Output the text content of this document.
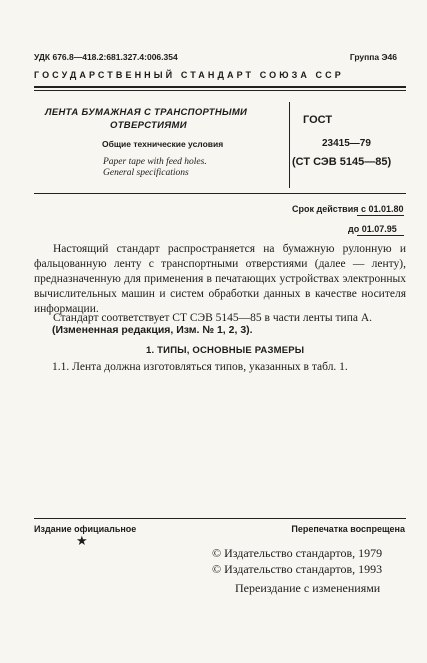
УДК 676.8—418.2:681.327.4:006.354	Группа Э46
ГОСУДАРСТВЕННЫЙ СТАНДАРТ СОЮЗА ССР
ЛЕНТА БУМАЖНАЯ С ТРАНСПОРТНЫМИ
ОТВЕРСТИЯМИ
Общие технические условия
Paper tape with feed holes.
General specifications
ГОСТ
23415—79
(СТ СЭВ 5145—85)
Срок действия с 01.01.80
до 01.07.95
Настоящий стандарт распространяется на бумажную рулонную и фальцованную ленту с транспортными отверстиями (далее — ленту), предназначенную для применения в печатающих устройствах электронных вычислительных машин и систем обработки данных в качестве носителя информации.
Стандарт соответствует СТ СЭВ 5145—85 в части ленты типа А.
(Измененная редакция, Изм. № 1, 2, 3).
1. ТИПЫ, ОСНОВНЫЕ РАЗМЕРЫ
1.1. Лента должна изготовляться типов, указанных в табл. 1.
Издание официальное
★
Перепечатка воспрещена
© Издательство стандартов, 1979
© Издательство стандартов, 1993
Переиздание с изменениями
